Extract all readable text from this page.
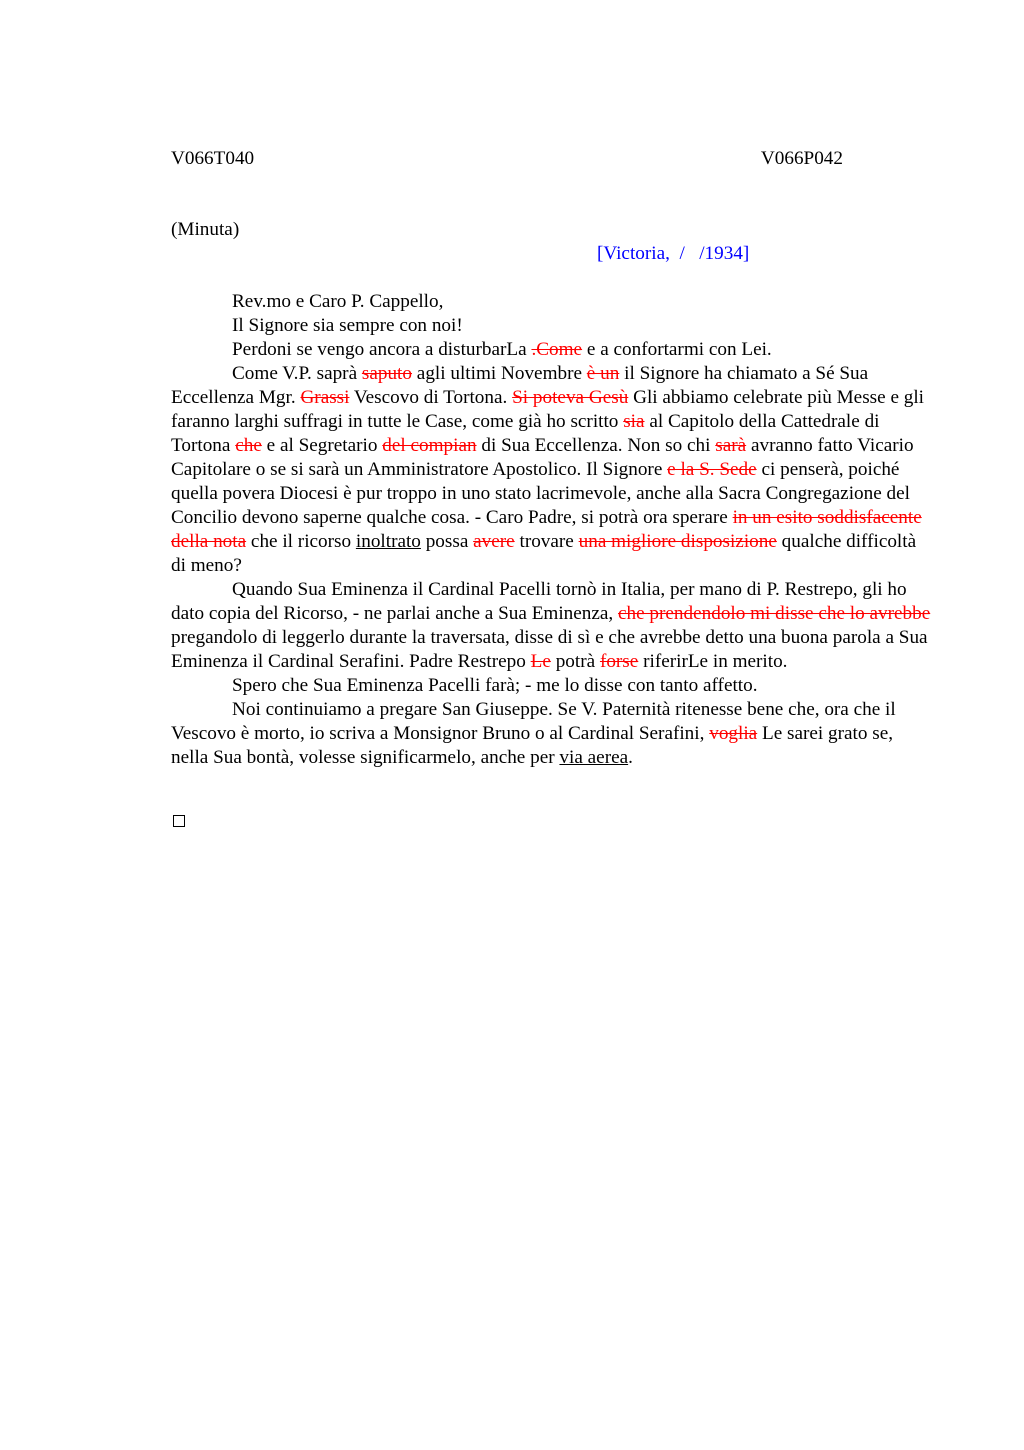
V066T040	V066P042
(Minuta)
[Victoria,  /   /1934]

Rev.mo e Caro P. Cappello,

Il Signore sia sempre con noi!

Perdoni se vengo ancora a disturbarLa .Come e a confortarmi con Lei.

Come V.P. saprà saputo agli ultimi Novembre è un il Signore ha chiamato a Sé Sua Eccellenza Mgr. Grassi Vescovo di Tortona. Si poteva Gesù Gli abbiamo celebrate più Messe e gli faranno larghi suffragi in tutte le Case, come già ho scritto sia al Capitolo della Cattedrale di Tortona che e al Segretario del compian di Sua Eccellenza. Non so chi sarà avranno fatto Vicario Capitolare o se si sarà un Amministratore Apostolico. Il Signore e la S. Sede ci penserà, poiché quella povera Diocesi è pur troppo in uno stato lacrimevole, anche alla Sacra Congregazione del Concilio devono saperne qualche cosa. - Caro Padre, si potrà ora sperare in un esito soddisfacente della nota che il ricorso inoltrato possa avere trovare una migliore disposizione qualche difficoltà di meno?

Quando Sua Eminenza il Cardinal Pacelli tornò in Italia, per mano di P. Restrepo, gli ho dato copia del Ricorso, - ne parlai anche a Sua Eminenza, che prendendolo mi disse che lo avrebbe pregandolo di leggerlo durante la traversata, disse di sì e che avrebbe detto una buona parola a Sua Eminenza il Cardinal Serafini. Padre Restrepo Le potrà forse riferirLe in merito.

Spero che Sua Eminenza Pacelli farà; - me lo disse con tanto affetto.

Noi continuiamo a pregare San Giuseppe. Se V. Paternità ritenesse bene che, ora che il Vescovo è morto, io scriva a Monsignor Bruno o al Cardinal Serafini, voglia Le sarei grato se, nella Sua bontà, volesse significarmelo, anche per via aerea.
